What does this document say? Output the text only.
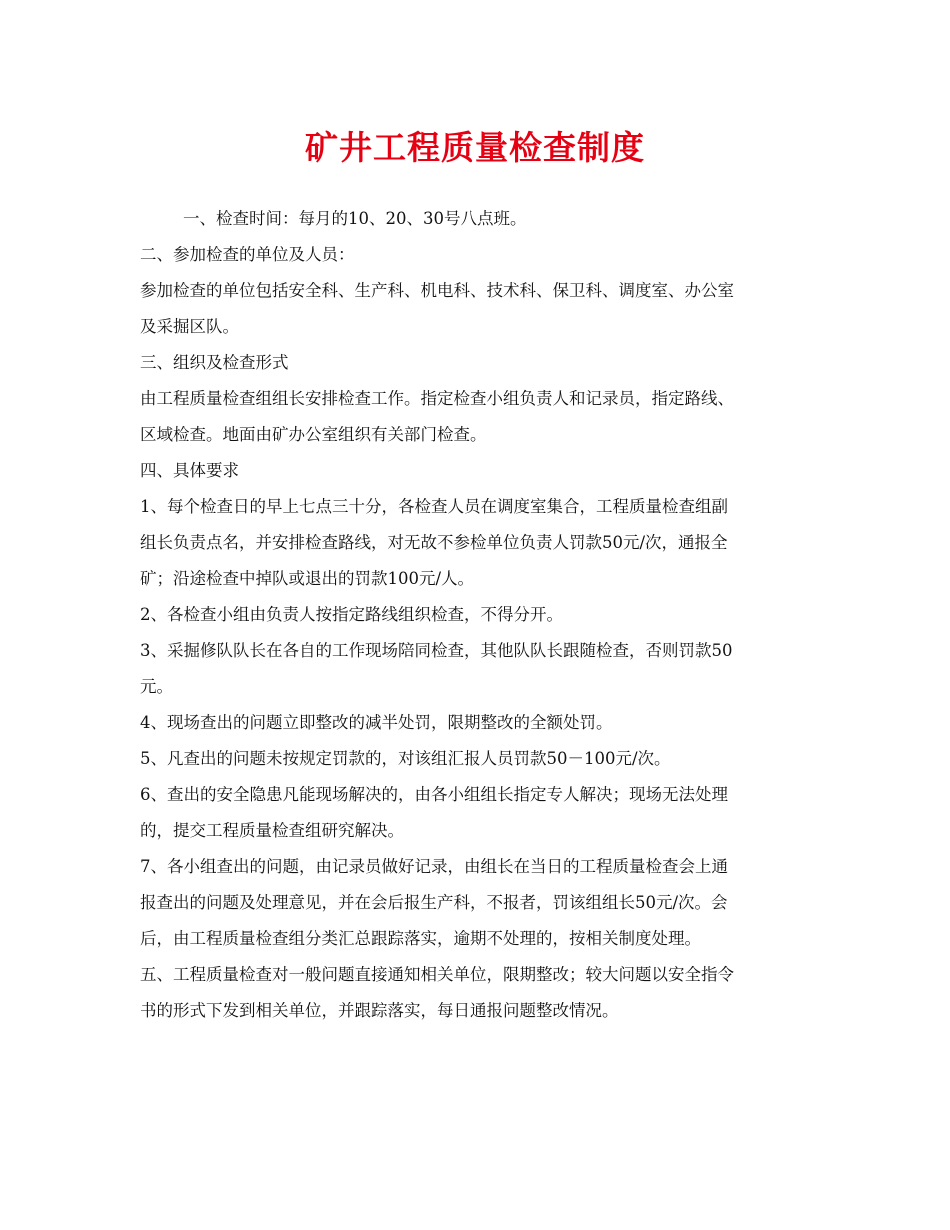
矿井工程质量检查制度
一、检查时间：每月的10、20、30号八点班。
二、参加检查的单位及人员：
参加检查的单位包括安全科、生产科、机电科、技术科、保卫科、调度室、办公室
及采掘区队。
三、组织及检查形式
由工程质量检查组组长安排检查工作。指定检查小组负责人和记录员，指定路线、
区域检查。地面由矿办公室组织有关部门检查。
四、具体要求
1、每个检查日的早上七点三十分，各检查人员在调度室集合，工程质量检查组副
组长负责点名，并安排检查路线，对无故不参检单位负责人罚款50元/次，通报全
矿；沿途检查中掉队或退出的罚款100元/人。
2、各检查小组由负责人按指定路线组织检查，不得分开。
3、采掘修队队长在各自的工作现场陪同检查，其他队队长跟随检查，否则罚款50
元。
4、现场查出的问题立即整改的减半处罚，限期整改的全额处罚。
5、凡查出的问题未按规定罚款的，对该组汇报人员罚款50－100元/次。
6、查出的安全隐患凡能现场解决的，由各小组组长指定专人解决；现场无法处理
的，提交工程质量检查组研究解决。
7、各小组查出的问题，由记录员做好记录，由组长在当日的工程质量检查会上通
报查出的问题及处理意见，并在会后报生产科，不报者，罚该组组长50元/次。会
后，由工程质量检查组分类汇总跟踪落实，逾期不处理的，按相关制度处理。
五、工程质量检查对一般问题直接通知相关单位，限期整改；较大问题以安全指令
书的形式下发到相关单位，并跟踪落实，每日通报问题整改情况。
